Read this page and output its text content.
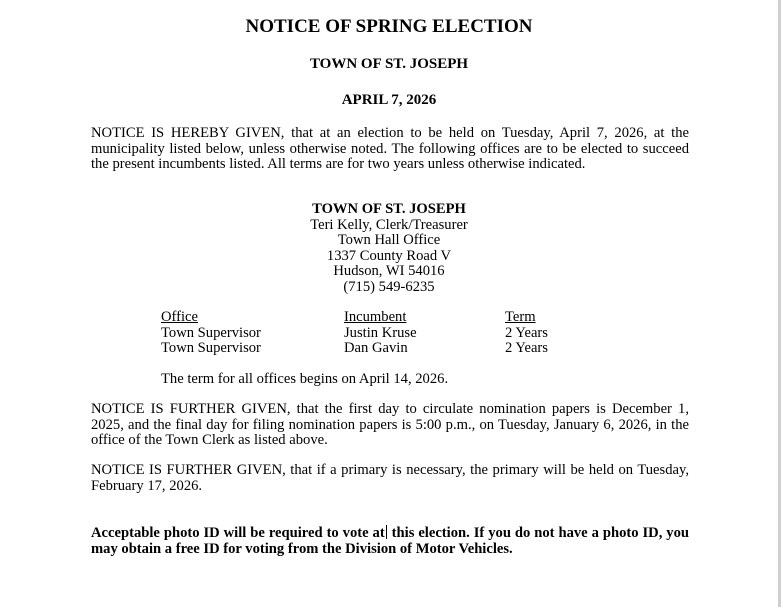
NOTICE OF SPRING ELECTION
TOWN OF ST. JOSEPH
APRIL 7, 2026

NOTICE IS HEREBY GIVEN, that at an election to be held on Tuesday, April 7, 2026, at the municipality listed below, unless otherwise noted. The following offices are to be elected to succeed the present incumbents listed. All terms are for two years unless otherwise indicated.

TOWN OF ST. JOSEPH
Teri Kelly, Clerk/Treasurer
Town Hall Office
1337 County Road V
Hudson, WI 54016
(715) 549-6235
Office	Incumbent	Term
Town Supervisor	Justin Kruse	2 Years
Town Supervisor	Dan Gavin	2 Years
The term for all offices begins on April 14, 2026.

NOTICE IS FURTHER GIVEN, that the first day to circulate nomination papers is December 1, 2025, and the final day for filing nomination papers is 5:00 p.m., on Tuesday, January 6, 2026, in the office of the Town Clerk as listed above.

NOTICE IS FURTHER GIVEN, that if a primary is necessary, the primary will be held on Tuesday, February 17, 2026.

Acceptable photo ID will be required to vote at this election. If you do not have a photo ID, you may obtain a free ID for voting from the Division of Motor Vehicles.
